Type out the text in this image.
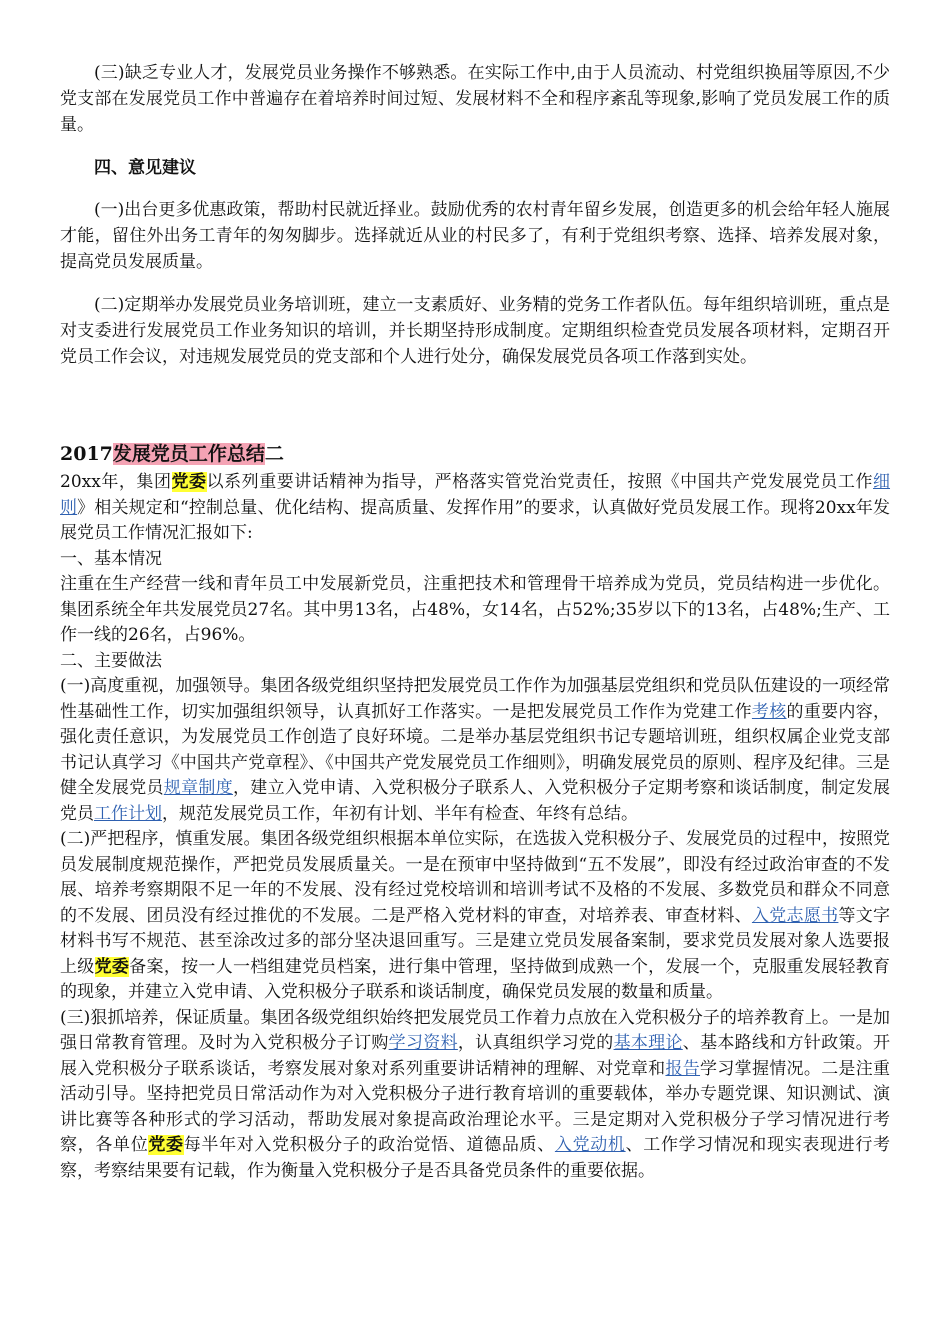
(三)缺乏专业人才，发展党员业务操作不够熟悉。在实际工作中,由于人员流动、村党组织换届等原因,不少党支部在发展党员工作中普遍存在着培养时间过短、发展材料不全和程序紊乱等现象,影响了党员发展工作的质量。

四、意见建议

(一)出台更多优惠政策，帮助村民就近择业。鼓励优秀的农村青年留乡发展，创造更多的机会给年轻人施展才能，留住外出务工青年的匆匆脚步。选择就近从业的村民多了，有利于党组织考察、选择、培养发展对象，提高党员发展质量。

(二)定期举办发展党员业务培训班，建立一支素质好、业务精的党务工作者队伍。每年组织培训班，重点是对支委进行发展党员工作业务知识的培训，并长期坚持形成制度。定期组织检查党员发展各项材料，定期召开党员工作会议，对违规发展党员的党支部和个人进行处分，确保发展党员各项工作落到实处。

2017发展党员工作总结二

20xx年，集团党委以系列重要讲话精神为指导，严格落实管党治党责任，按照《中国共产党发展党员工作细则》相关规定和“控制总量、优化结构、提高质量、发挥作用”的要求，认真做好党员发展工作。现将20xx年发展党员工作情况汇报如下:

一、基本情况

注重在生产经营一线和青年员工中发展新党员，注重把技术和管理骨干培养成为党员，党员结构进一步优化。集团系统全年共发展党员27名。其中男13名，占48%，女14名，占52%;35岁以下的13名，占48%;生产、工作一线的26名，占96%。

二、主要做法

(一)高度重视，加强领导。集团各级党组织坚持把发展党员工作作为加强基层党组织和党员队伍建设的一项经常性基础性工作，切实加强组织领导，认真抓好工作落实。一是把发展党员工作作为党建工作考核的重要内容，强化责任意识，为发展党员工作创造了良好环境。二是举办基层党组织书记专题培训班，组织权属企业党支部书记认真学习《中国共产党章程》、《中国共产党发展党员工作细则》，明确发展党员的原则、程序及纪律。三是健全发展党员规章制度，建立入党申请、入党积极分子联系人、入党积极分子定期考察和谈话制度，制定发展党员工作计划，规范发展党员工作，年初有计划、半年有检查、年终有总结。

(二)严把程序，慎重发展。集团各级党组织根据本单位实际，在选拔入党积极分子、发展党员的过程中，按照党员发展制度规范操作，严把党员发展质量关。一是在预审中坚持做到“五不发展”，即没有经过政治审查的不发展、培养考察期限不足一年的不发展、没有经过党校培训和培训考试不及格的不发展、多数党员和群众不同意的不发展、团员没有经过推优的不发展。二是严格入党材料的审查，对培养表、审查材料、入党志愿书等文字材料书写不规范、甚至涂改过多的部分坚决退回重写。三是建立党员发展备案制，要求党员发展对象人选要报上级党委备案，按一人一档组建党员档案，进行集中管理，坚持做到成熟一个，发展一个，克服重发展轻教育的现象，并建立入党申请、入党积极分子联系和谈话制度，确保党员发展的数量和质量。

(三)狠抓培养，保证质量。集团各级党组织始终把发展党员工作着力点放在入党积极分子的培养教育上。一是加强日常教育管理。及时为入党积极分子订购学习资料，认真组织学习党的基本理论、基本路线和方针政策。开展入党积极分子联系谈话，考察发展对象对系列重要讲话精神的理解、对党章和报告学习掌握情况。二是注重活动引导。坚持把党员日常活动作为对入党积极分子进行教育培训的重要载体，举办专题党课、知识测试、演讲比赛等各种形式的学习活动，帮助发展对象提高政治理论水平。三是定期对入党积极分子学习情况进行考察，各单位党委每半年对入党积极分子的政治觉悟、道德品质、入党动机、工作学习情况和现实表现进行考察，考察结果要有记载，作为衡量入党积极分子是否具备党员条件的重要依据。
